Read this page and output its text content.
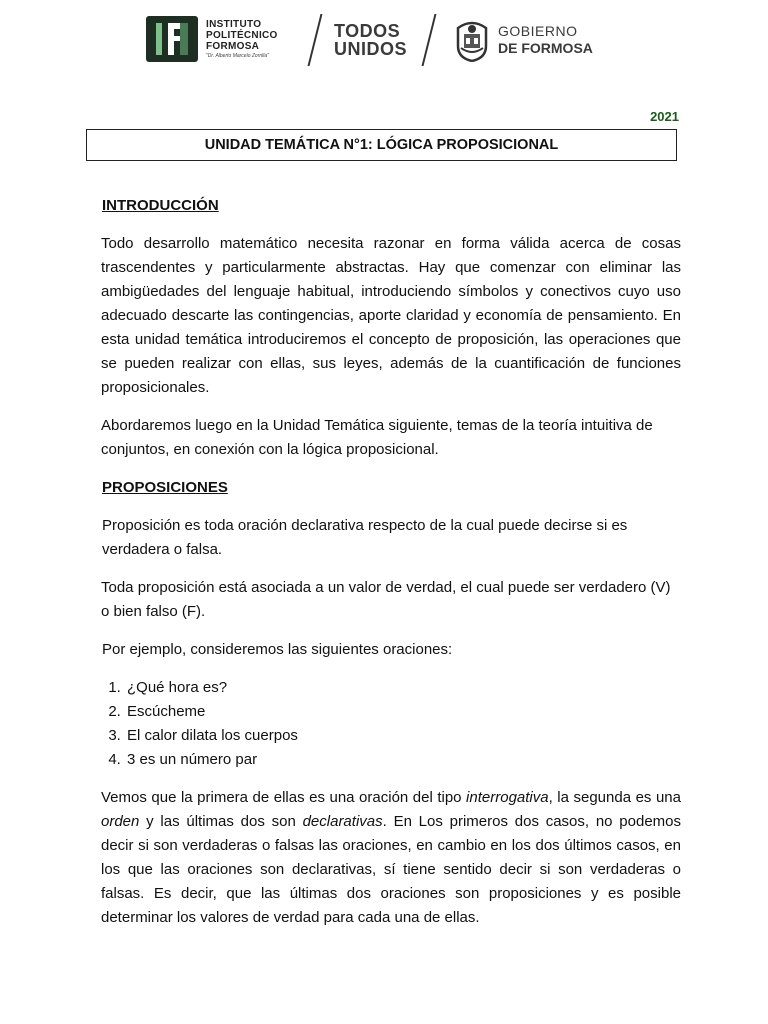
INSTITUTO
POLITÉCNICO
FORMOSA
"Dr. Alberto Marcelo Zorrilla"
TODOS
UNIDOS
GOBIERNO
DE FORMOSA
2021
UNIDAD TEMÁTICA N°1: LÓGICA PROPOSICIONAL
INTRODUCCIÓN

Todo desarrollo matemático necesita razonar en forma válida acerca de cosas trascendentes y particularmente abstractas. Hay que comenzar con eliminar las ambigüedades del lenguaje habitual, introduciendo símbolos y conectivos cuyo uso adecuado descarte las contingencias, aporte claridad y economía de pensamiento. En esta unidad temática introduciremos el concepto de proposición, las operaciones que se pueden realizar con ellas, sus leyes, además de la cuantificación de funciones proposicionales.

Abordaremos luego en la Unidad Temática siguiente, temas de la teoría intuitiva de conjuntos, en conexión con la lógica proposicional.

PROPOSICIONES

Proposición es toda oración declarativa respecto de la cual puede decirse si es verdadera o falsa.

Toda proposición está asociada a un valor de verdad, el cual puede ser verdadero (V) o bien falso (F).

Por ejemplo, consideremos las siguientes oraciones:

1. ¿Qué hora es?
2. Escúcheme
3. El calor dilata los cuerpos
4. 3 es un número par

Vemos que la primera de ellas es una oración del tipo interrogativa, la segunda es una orden y las últimas dos son declarativas. En Los primeros dos casos, no podemos decir si son verdaderas o falsas las oraciones, en cambio en los dos últimos casos, en los que las oraciones son declarativas, sí tiene sentido decir si son verdaderas o falsas. Es decir, que las últimas dos oraciones son proposiciones y es posible determinar los valores de verdad para cada una de ellas.
